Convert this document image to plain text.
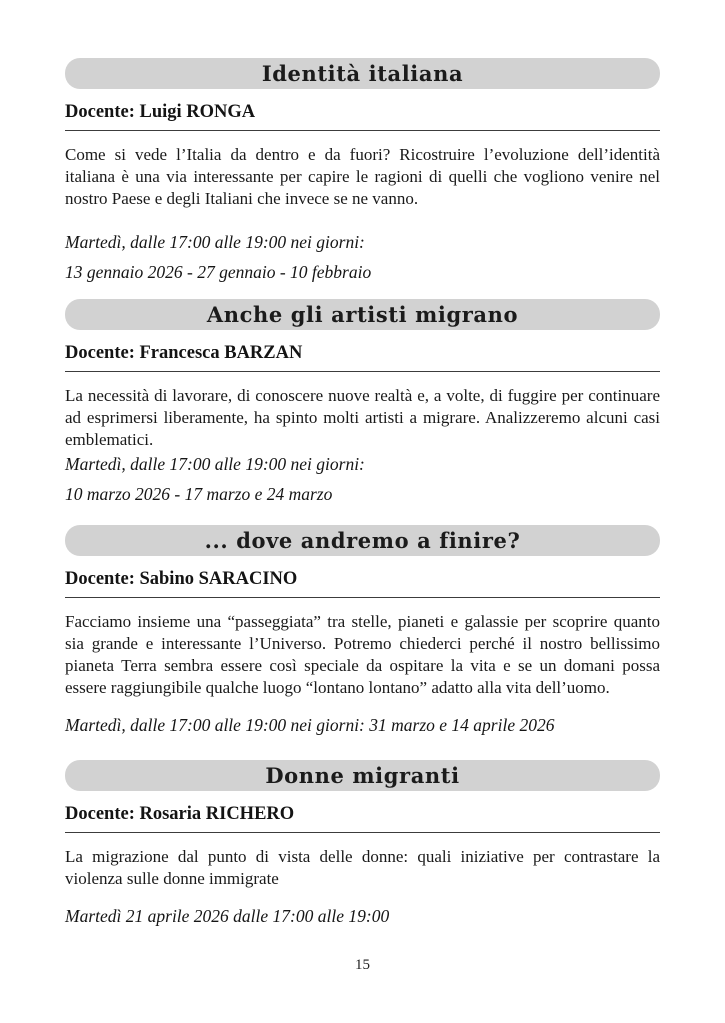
Identità italiana

Docente: Luigi RONGA

Come si vede l’Italia da dentro e da fuori? Ricostruire l’evoluzione dell’identità italiana è una via interessante per capire le ragioni di quelli che vogliono venire nel nostro Paese e degli Italiani che invece se ne vanno.

Martedì, dalle 17:00 alle 19:00 nei giorni:

13 gennaio 2026 - 27 gennaio - 10 febbraio

Anche gli artisti migrano

Docente: Francesca BARZAN

La necessità di lavorare, di conoscere nuove realtà e, a volte, di fuggire per continuare ad esprimersi liberamente, ha spinto molti artisti a migrare. Analizzeremo alcuni casi emblematici.

Martedì, dalle 17:00 alle 19:00 nei giorni:

10 marzo 2026 - 17 marzo e 24 marzo

... dove andremo a finire?

Docente: Sabino SARACINO

Facciamo insieme una “passeggiata” tra stelle, pianeti e galassie per scoprire quanto sia grande e interessante l’Universo. Potremo chiederci perché il nostro bellissimo pianeta Terra sembra essere così speciale da ospitare la vita e se un domani possa essere raggiungibile qualche luogo “lontano lontano” adatto alla vita dell’uomo.

Martedì, dalle 17:00 alle 19:00 nei giorni: 31 marzo e 14 aprile 2026

Donne migranti

Docente: Rosaria RICHERO

La migrazione dal punto di vista delle donne: quali iniziative per contrastare la violenza sulle donne immigrate

Martedì 21 aprile 2026 dalle 17:00 alle 19:00

15
